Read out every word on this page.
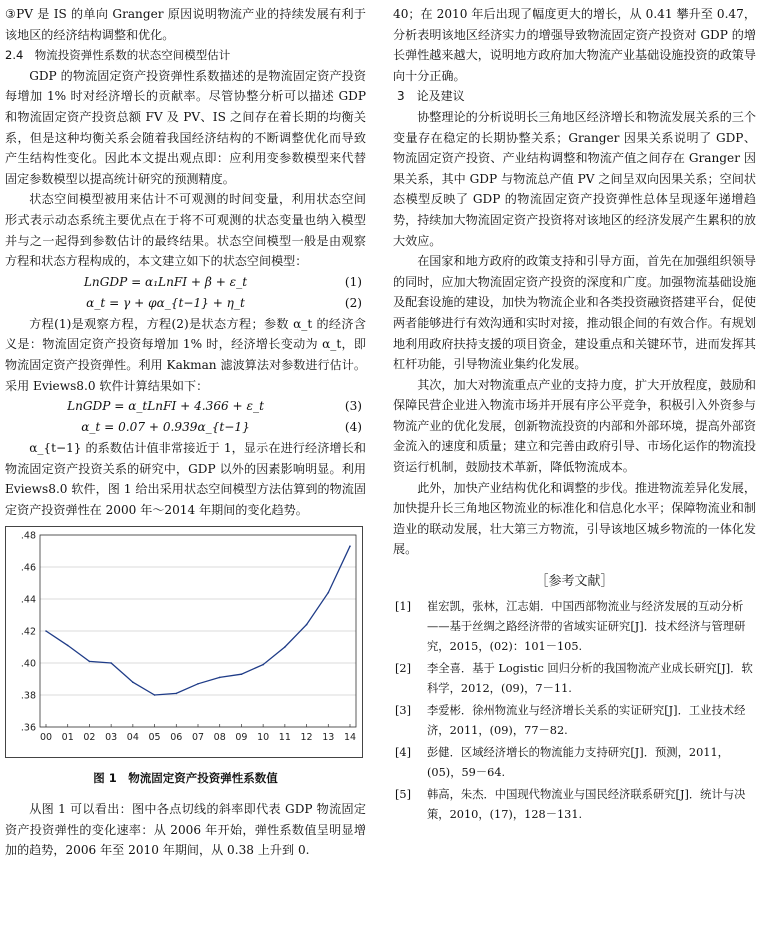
③PV 是 IS 的单向 Granger 原因说明物流产业的持续发展有利于该地区的经济结构调整和优化。

2.4　物流投资弹性系数的状态空间模型估计

GDP 的物流固定资产投资弹性系数描述的是物流固定资产投资每增加 1% 时对经济增长的贡献率。尽管协整分析可以描述 GDP 和物流固定资产投资总额 FV 及 PV、IS 之间存在着长期的均衡关系，但是这种均衡关系会随着我国经济结构的不断调整优化而导致产生结构性变化。因此本文提出观点即：应利用变参数模型来代替固定参数模型以提高统计研究的预测精度。

状态空间模型被用来估计不可观测的时间变量，利用状态空间形式表示动态系统主要优点在于将不可观测的状态变量也纳入模型并与之一起得到参数估计的最终结果。状态空间模型一般是由观察方程和状态方程构成的，本文建立如下的状态空间模型：

LnGDP = α₁LnFI + β + ε_t	(1)
α_t = γ + φα_{t−1} + η_t	(2)

方程(1)是观察方程，方程(2)是状态方程；参数 α_t 的经济含义是：物流固定资产投资每增加 1% 时，经济增长变动为 α_t，即物流固定资产投资弹性。利用 Kakman 滤波算法对参数进行估计。采用 Eviews8.0 软件计算结果如下：

LnGDP = α_tLnFI + 4.366 + ε_t	(3)
α_t = 0.07 + 0.939α_{t−1}	(4)

α_{t−1} 的系数估计值非常接近于 1，显示在进行经济增长和物流固定资产投资关系的研究中，GDP 以外的因素影响明显。利用 Eviews8.0 软件，图 1 给出采用状态空间模型方法估算到的物流固定资产投资弹性在 2000 年～2014 年期间的变化趋势。

.36
.38
.40
.42
.44
.46
.48
00 01 02 03 04 05 06 07 08 09 10 11 12 13 14

图 1　物流固定资产投资弹性系数值

从图 1 可以看出：图中各点切线的斜率即代表 GDP 物流固定资产投资弹性的变化速率：从 2006 年开始，弹性系数值呈明显增加的趋势，2006 年至 2010 年期间，从 0.38 上升到 0.

40；在 2010 年后出现了幅度更大的增长，从 0.41 攀升至 0.47，分析表明该地区经济实力的增强导致物流固定资产投资对 GDP 的增长弹性越来越大，说明地方政府加大物流产业基础设施投资的政策导向十分正确。

3　论及建议

协整理论的分析说明长三角地区经济增长和物流发展关系的三个变量存在稳定的长期协整关系；Granger 因果关系说明了 GDP、物流固定资产投资、产业结构调整和物流产值之间存在 Granger 因果关系，其中 GDP 与物流总产值 PV 之间呈双向因果关系；空间状态模型反映了 GDP 的物流固定资产投资弹性总体呈现逐年递增趋势，持续加大物流固定资产投资将对该地区的经济发展产生累积的放大效应。

在国家和地方政府的政策支持和引导方面，首先在加强组织领导的同时，应加大物流固定资产投资的深度和广度。加强物流基础设施及配套设施的建设，加快为物流企业和各类投资融资搭建平台，促使两者能够进行有效沟通和实时对接，推动银企间的有效合作。有规划地利用政府扶持支援的项目资金，建设重点和关键环节，进而发挥其杠杆功能，引导物流业集约化发展。

其次，加大对物流重点产业的支持力度，扩大开放程度，鼓励和保障民营企业进入物流市场并开展有序公平竞争，积极引入外资参与物流产业的优化发展，创新物流投资的内部和外部环境，提高外部资金流入的速度和质量；建立和完善由政府引导、市场化运作的物流投资运行机制，鼓励技术革新，降低物流成本。

此外，加快产业结构优化和调整的步伐。推进物流差异化发展，加快提升长三角地区物流业的标准化和信息化水平；保障物流业和制造业的联动发展，壮大第三方物流，引导该地区城乡物流的一体化发展。

［参考文献］

[1] 崔宏凯，张林，江志娟．中国西部物流业与经济发展的互动分析——基于丝绸之路经济带的省域实证研究[J]．技术经济与管理研究，2015，(02)：101－105.
[2] 李全喜．基于 Logistic 回归分析的我国物流产业成长研究[J]．软科学，2012，(09)，7－11.
[3] 李爱彬．徐州物流业与经济增长关系的实证研究[J]．工业技术经济，2011，(09)，77－82.
[4] 彭健．区域经济增长的物流能力支持研究[J]．预测，2011，(05)，59－64.
[5] 韩高，朱杰．中国现代物流业与国民经济联系研究[J]．统计与决策，2010，(17)，128－131.
